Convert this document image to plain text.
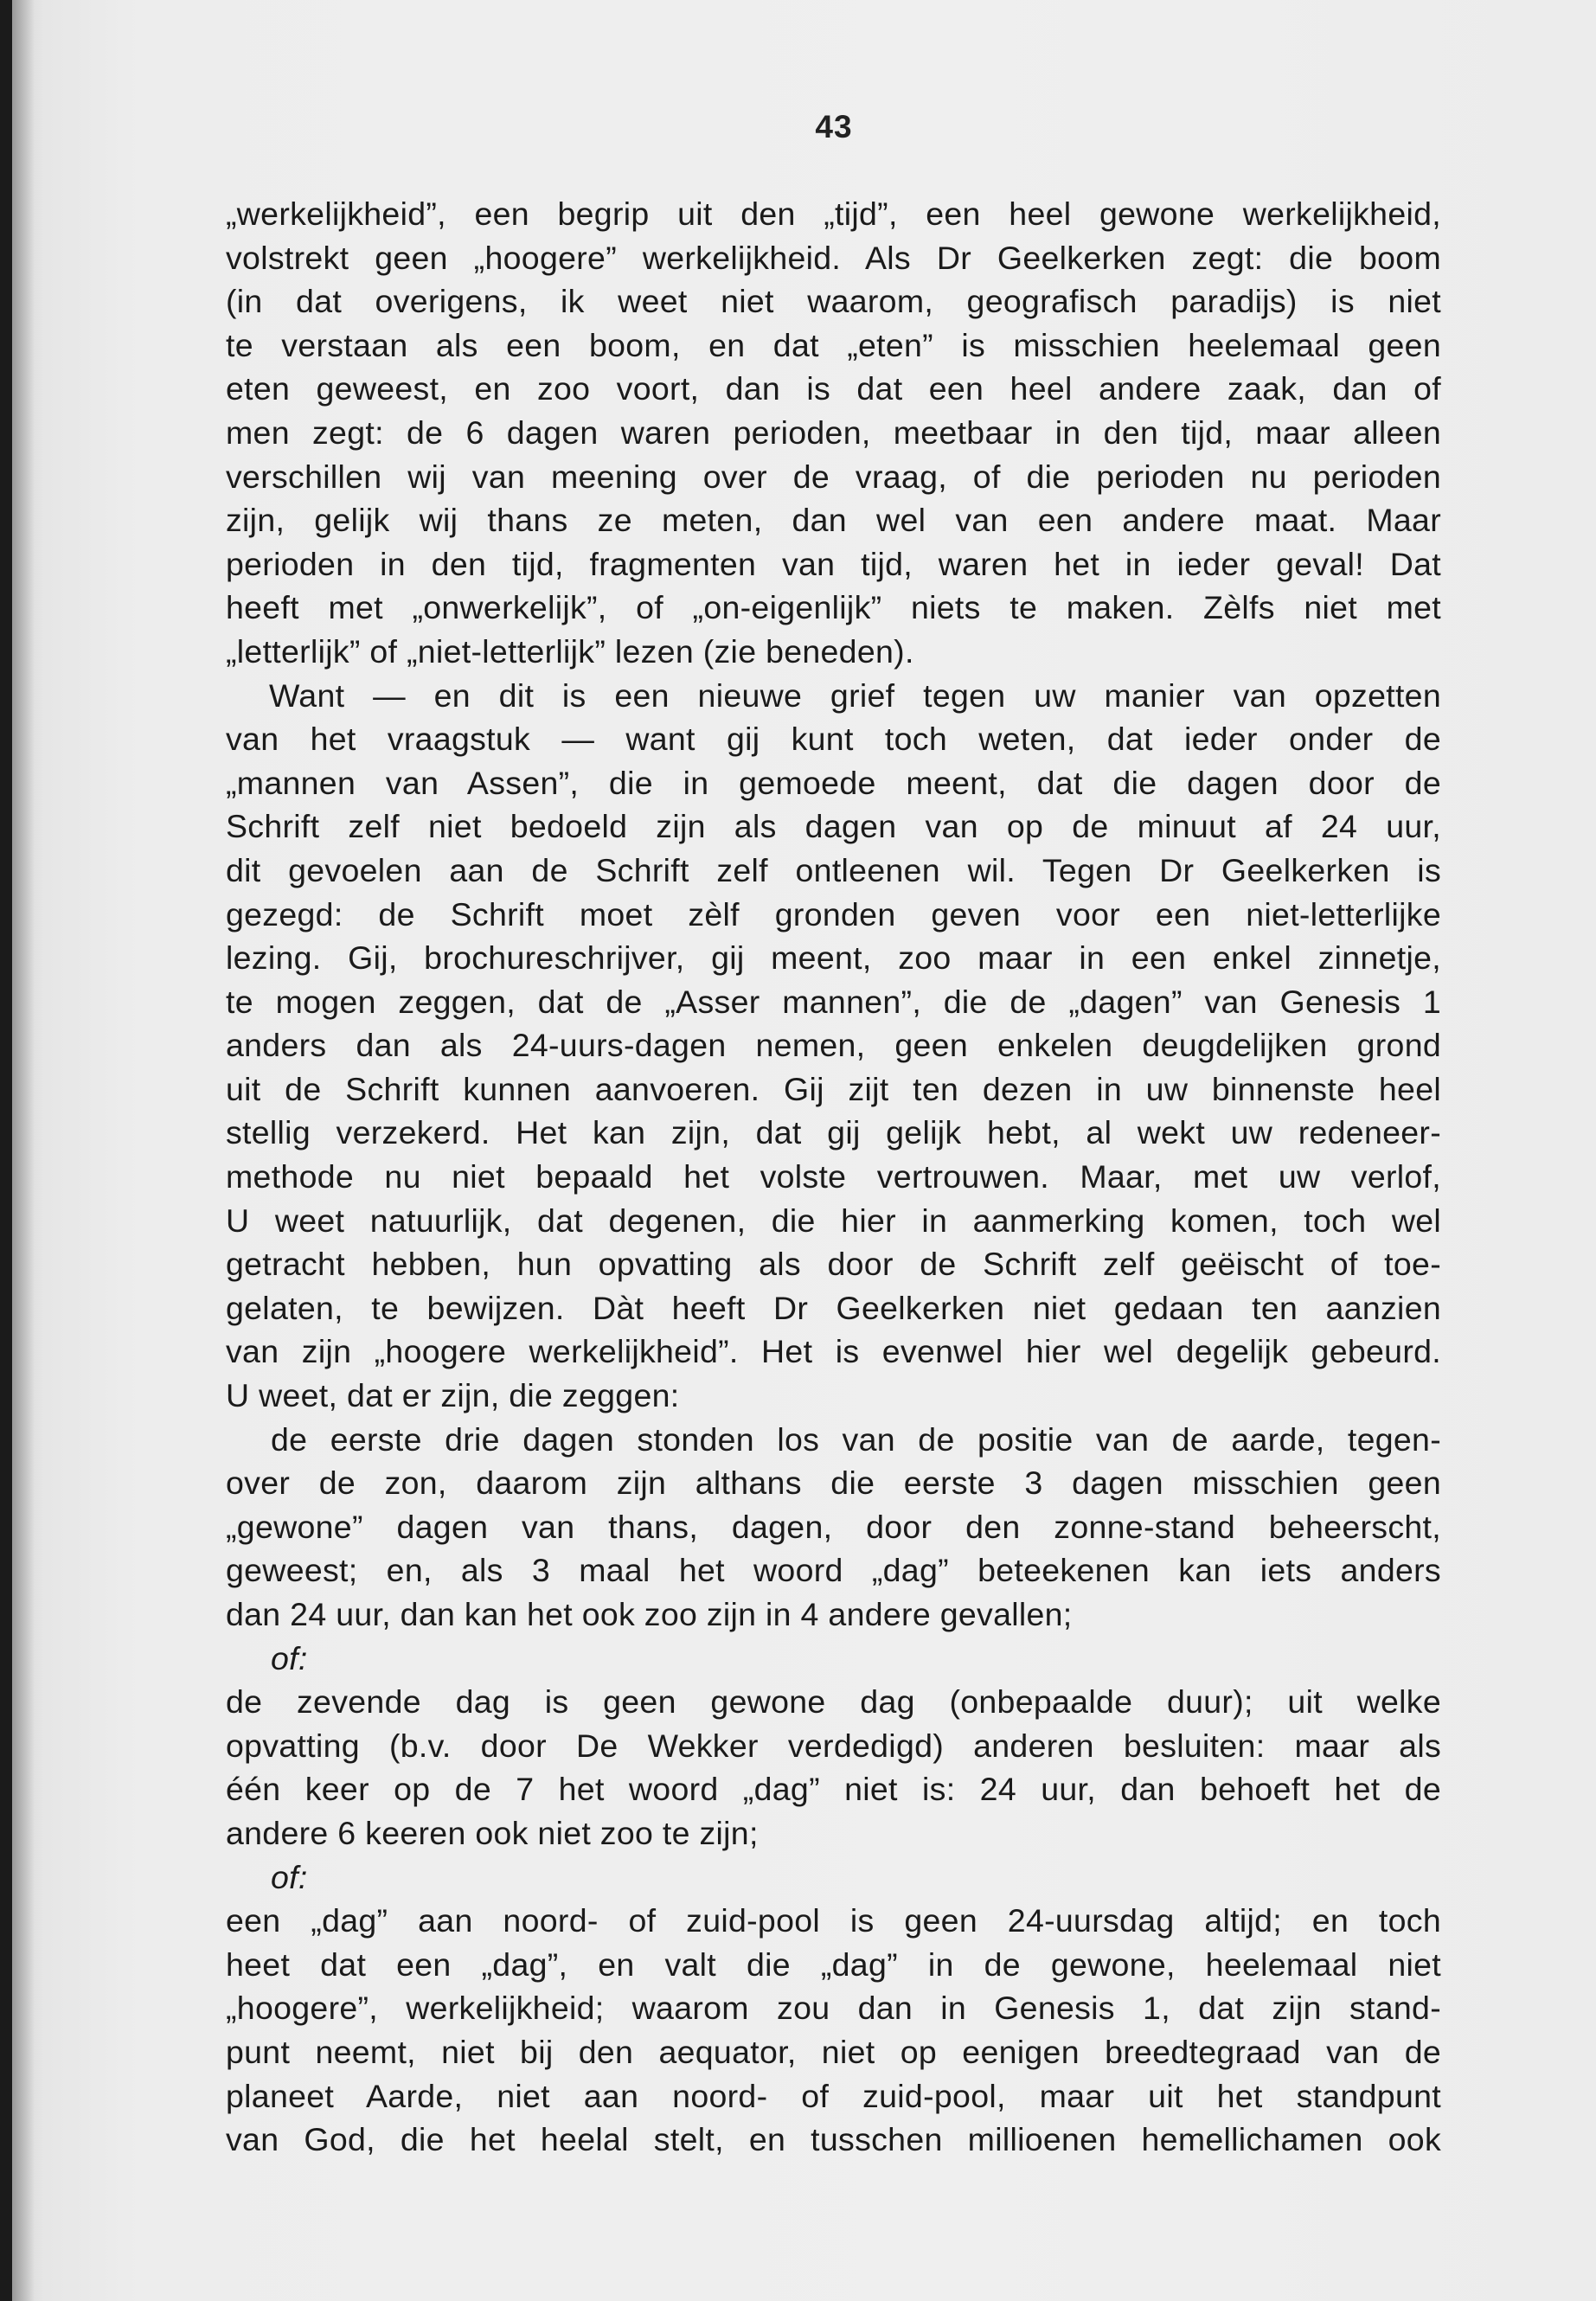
43
„werkelijkheid”, een begrip uit den „tijd”, een heel gewone werkelijkheid,
volstrekt geen „hoogere” werkelijkheid. Als Dr Geelkerken zegt: die boom
(in dat overigens, ik weet niet waarom, geografisch paradijs) is niet
te verstaan als een boom, en dat „eten” is misschien heelemaal geen
eten geweest, en zoo voort, dan is dat een heel andere zaak, dan of
men zegt: de 6 dagen waren perioden, meetbaar in den tijd, maar alleen
verschillen wij van meening over de vraag, of die perioden nu perioden
zijn, gelijk wij thans ze meten, dan wel van een andere maat. Maar
perioden in den tijd, fragmenten van tijd, waren het in ieder geval! Dat
heeft met „onwerkelijk”, of „on-eigenlijk” niets te maken. Zèlfs niet met
„letterlijk” of „niet-letterlijk” lezen (zie beneden).
Want — en dit is een nieuwe grief tegen uw manier van opzetten
van het vraagstuk — want gij kunt toch weten, dat ieder onder de
„mannen van Assen”, die in gemoede meent, dat die dagen door de
Schrift zelf niet bedoeld zijn als dagen van op de minuut af 24 uur,
dit gevoelen aan de Schrift zelf ontleenen wil. Tegen Dr Geelkerken is
gezegd: de Schrift moet zèlf gronden geven voor een niet-letterlijke
lezing. Gij, brochureschrijver, gij meent, zoo maar in een enkel zinnetje,
te mogen zeggen, dat de „Asser mannen”, die de „dagen” van Genesis 1
anders dan als 24-uurs-dagen nemen, geen enkelen deugdelijken grond
uit de Schrift kunnen aanvoeren. Gij zijt ten dezen in uw binnenste heel
stellig verzekerd. Het kan zijn, dat gij gelijk hebt, al wekt uw redeneer-
methode nu niet bepaald het volste vertrouwen. Maar, met uw verlof,
U weet natuurlijk, dat degenen, die hier in aanmerking komen, toch wel
getracht hebben, hun opvatting als door de Schrift zelf geëischt of toe-
gelaten, te bewijzen. Dàt heeft Dr Geelkerken niet gedaan ten aanzien
van zijn „hoogere werkelijkheid”. Het is evenwel hier wel degelijk gebeurd.
U weet, dat er zijn, die zeggen:
de eerste drie dagen stonden los van de positie van de aarde, tegen-
over de zon, daarom zijn althans die eerste 3 dagen misschien geen
„gewone” dagen van thans, dagen, door den zonne-stand beheerscht,
geweest; en, als 3 maal het woord „dag” beteekenen kan iets anders
dan 24 uur, dan kan het ook zoo zijn in 4 andere gevallen;
of:
de zevende dag is geen gewone dag (onbepaalde duur); uit welke
opvatting (b.v. door De Wekker verdedigd) anderen besluiten: maar als
één keer op de 7 het woord „dag” niet is: 24 uur, dan behoeft het de
andere 6 keeren ook niet zoo te zijn;
of:
een „dag” aan noord- of zuid-pool is geen 24-uursdag altijd; en toch
heet dat een „dag”, en valt die „dag” in de gewone, heelemaal niet
„hoogere”, werkelijkheid; waarom zou dan in Genesis 1, dat zijn stand-
punt neemt, niet bij den aequator, niet op eenigen breedtegraad van de
planeet Aarde, niet aan noord- of zuid-pool, maar uit het standpunt
van God, die het heelal stelt, en tusschen millioenen hemellichamen ook
